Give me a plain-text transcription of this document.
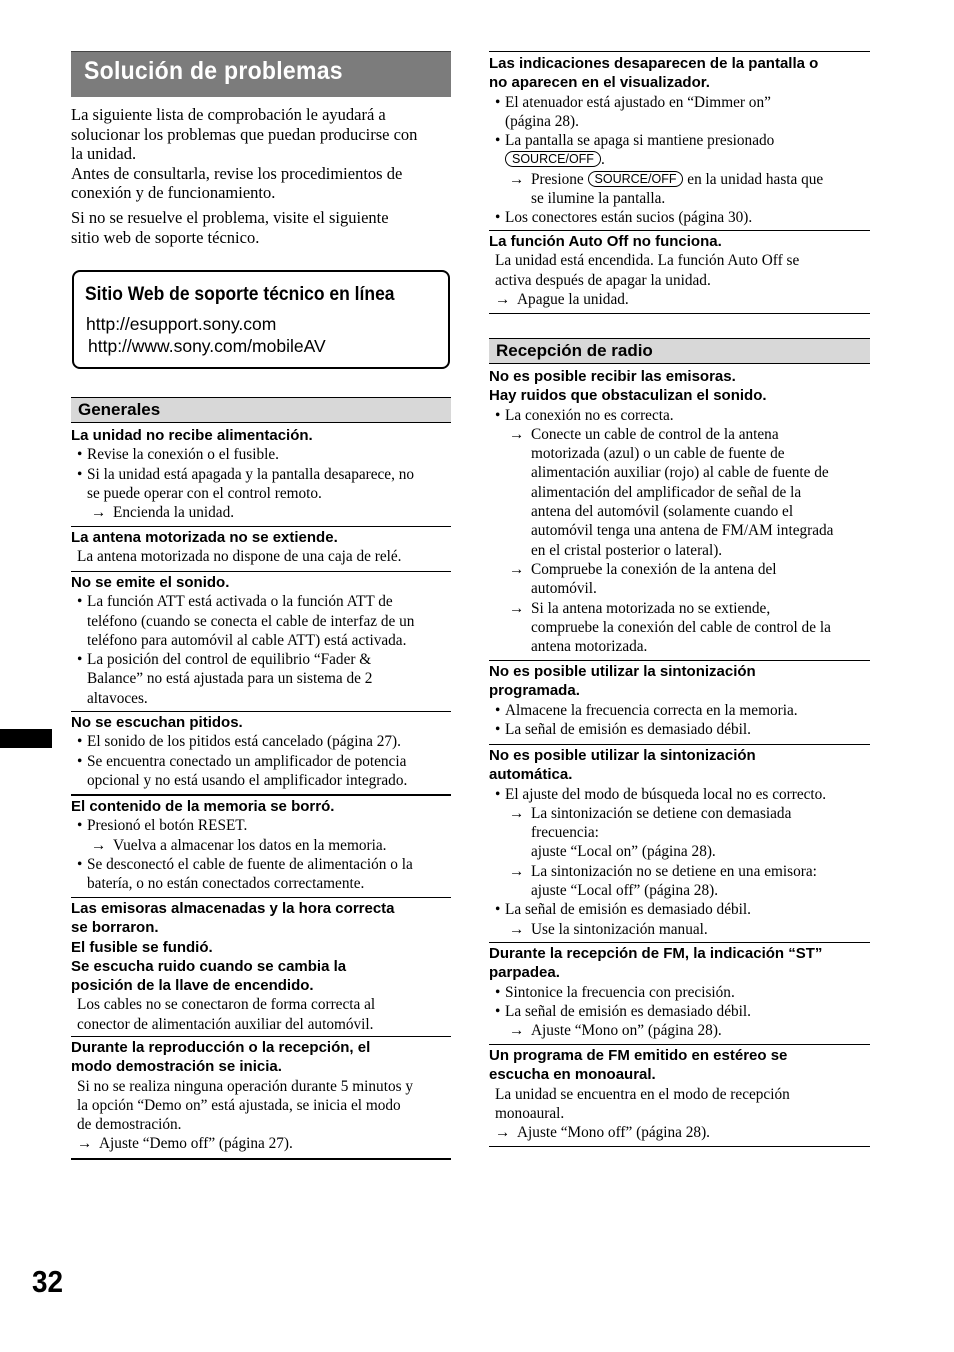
Solución de problemas
La siguiente lista de comprobación le ayudará a
solucionar los problemas que puedan producirse con
la unidad.
Antes de consultarla, revise los procedimientos de
conexión y de funcionamiento.
Si no se resuelve el problema, visite el siguiente
sitio web de soporte técnico.
Sitio Web de soporte técnico en línea
http://esupport.sony.com
http://www.sony.com/mobileAV
Generales

La unidad no recibe alimentación.

• Revise la conexión o el fusible.
• Si la unidad está apagada y la pantalla desaparece, no
se puede operar con el control remoto.
→ Encienda la unidad.

La antena motorizada no se extiende.

La antena motorizada no dispone de una caja de relé.

No se emite el sonido.

• La función ATT está activada o la función ATT de
teléfono (cuando se conecta el cable de interfaz de un
teléfono para automóvil al cable ATT) está activada.
• La posición del control de equilibrio “Fader &
Balance” no está ajustada para un sistema de 2
altavoces.

No se escuchan pitidos.

• El sonido de los pitidos está cancelado (página 27).
• Se encuentra conectado un amplificador de potencia
opcional y no está usando el amplificador integrado.

El contenido de la memoria se borró.

• Presionó el botón RESET.
→ Vuelva a almacenar los datos en la memoria.
• Se desconectó el cable de fuente de alimentación o la
batería, o no están conectados correctamente.

Las emisoras almacenadas y la hora correcta

se borraron.

El fusible se fundió.

Se escucha ruido cuando se cambia la

posición de la llave de encendido.

Los cables no se conectaron de forma correcta al
conector de alimentación auxiliar del automóvil.

Durante la reproducción o la recepción, el

modo demostración se inicia.

Si no se realiza ninguna operación durante 5 minutos y
la opción “Demo on” está ajustada, se inicia el modo
de demostración.
→ Ajuste “Demo off” (página 27).

Las indicaciones desaparecen de la pantalla o

no aparecen en el visualizador.

• El atenuador está ajustado en “Dimmer on”
(página 28).
• La pantalla se apaga si mantiene presionado
SOURCE/OFF .
→ Presione SOURCE/OFF en la unidad hasta que
se ilumine la pantalla.
• Los conectores están sucios (página 30).

La función Auto Off no funciona.

La unidad está encendida. La función Auto Off se
activa después de apagar la unidad.
→ Apague la unidad.
Recepción de radio

No es posible recibir las emisoras.

Hay ruidos que obstaculizan el sonido.

• La conexión no es correcta.
→ Conecte un cable de control de la antena
motorizada (azul) o un cable de fuente de
alimentación auxiliar (rojo) al cable de fuente de
alimentación del amplificador de señal de la
antena del automóvil (solamente cuando el
automóvil tenga una antena de FM/AM integrada
en el cristal posterior o lateral).
→ Compruebe la conexión de la antena del
automóvil.
→ Si la antena motorizada no se extiende,
compruebe la conexión del cable de control de la
antena motorizada.

No es posible utilizar la sintonización

programada.

• Almacene la frecuencia correcta en la memoria.
• La señal de emisión es demasiado débil.

No es posible utilizar la sintonización

automática.

• El ajuste del modo de búsqueda local no es correcto.
→ La sintonización se detiene con demasiada
frecuencia:
ajuste “Local on” (página 28).
→ La sintonización no se detiene en una emisora:
ajuste “Local off” (página 28).
• La señal de emisión es demasiado débil.
→ Use la sintonización manual.

Durante la recepción de FM, la indicación “ST”

parpadea.

• Sintonice la frecuencia con precisión.
• La señal de emisión es demasiado débil.
→ Ajuste “Mono on” (página 28).

Un programa de FM emitido en estéreo se

escucha en monoaural.

La unidad se encuentra en el modo de recepción
monoaural.
→ Ajuste “Mono off” (página 28).
32
